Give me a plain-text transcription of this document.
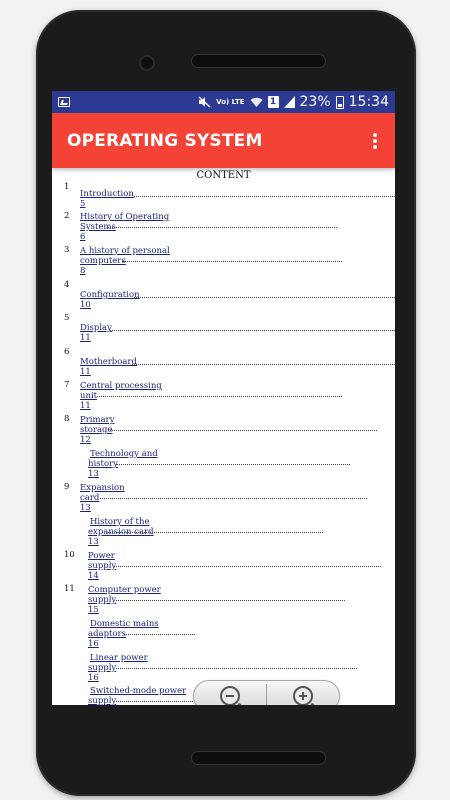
Vo) LTE	1 23% 15:34
OPERATING SYSTEM
CONTENT
1
Introduction
5
2 History of Operating Systems
6
3 A history of personal computers
8
4
Configuration
10
5
Display
11
6
Motherboard
11
7 Central processing unit
11
8 Primary storage
12
Technology and history
13
9 Expansion card
13
History of the expansion card
13
10 Power supply
14
11 Computer power supply
15
Domestic mains adaptors
16
Linear power supply
16
Switched-mode power supply
